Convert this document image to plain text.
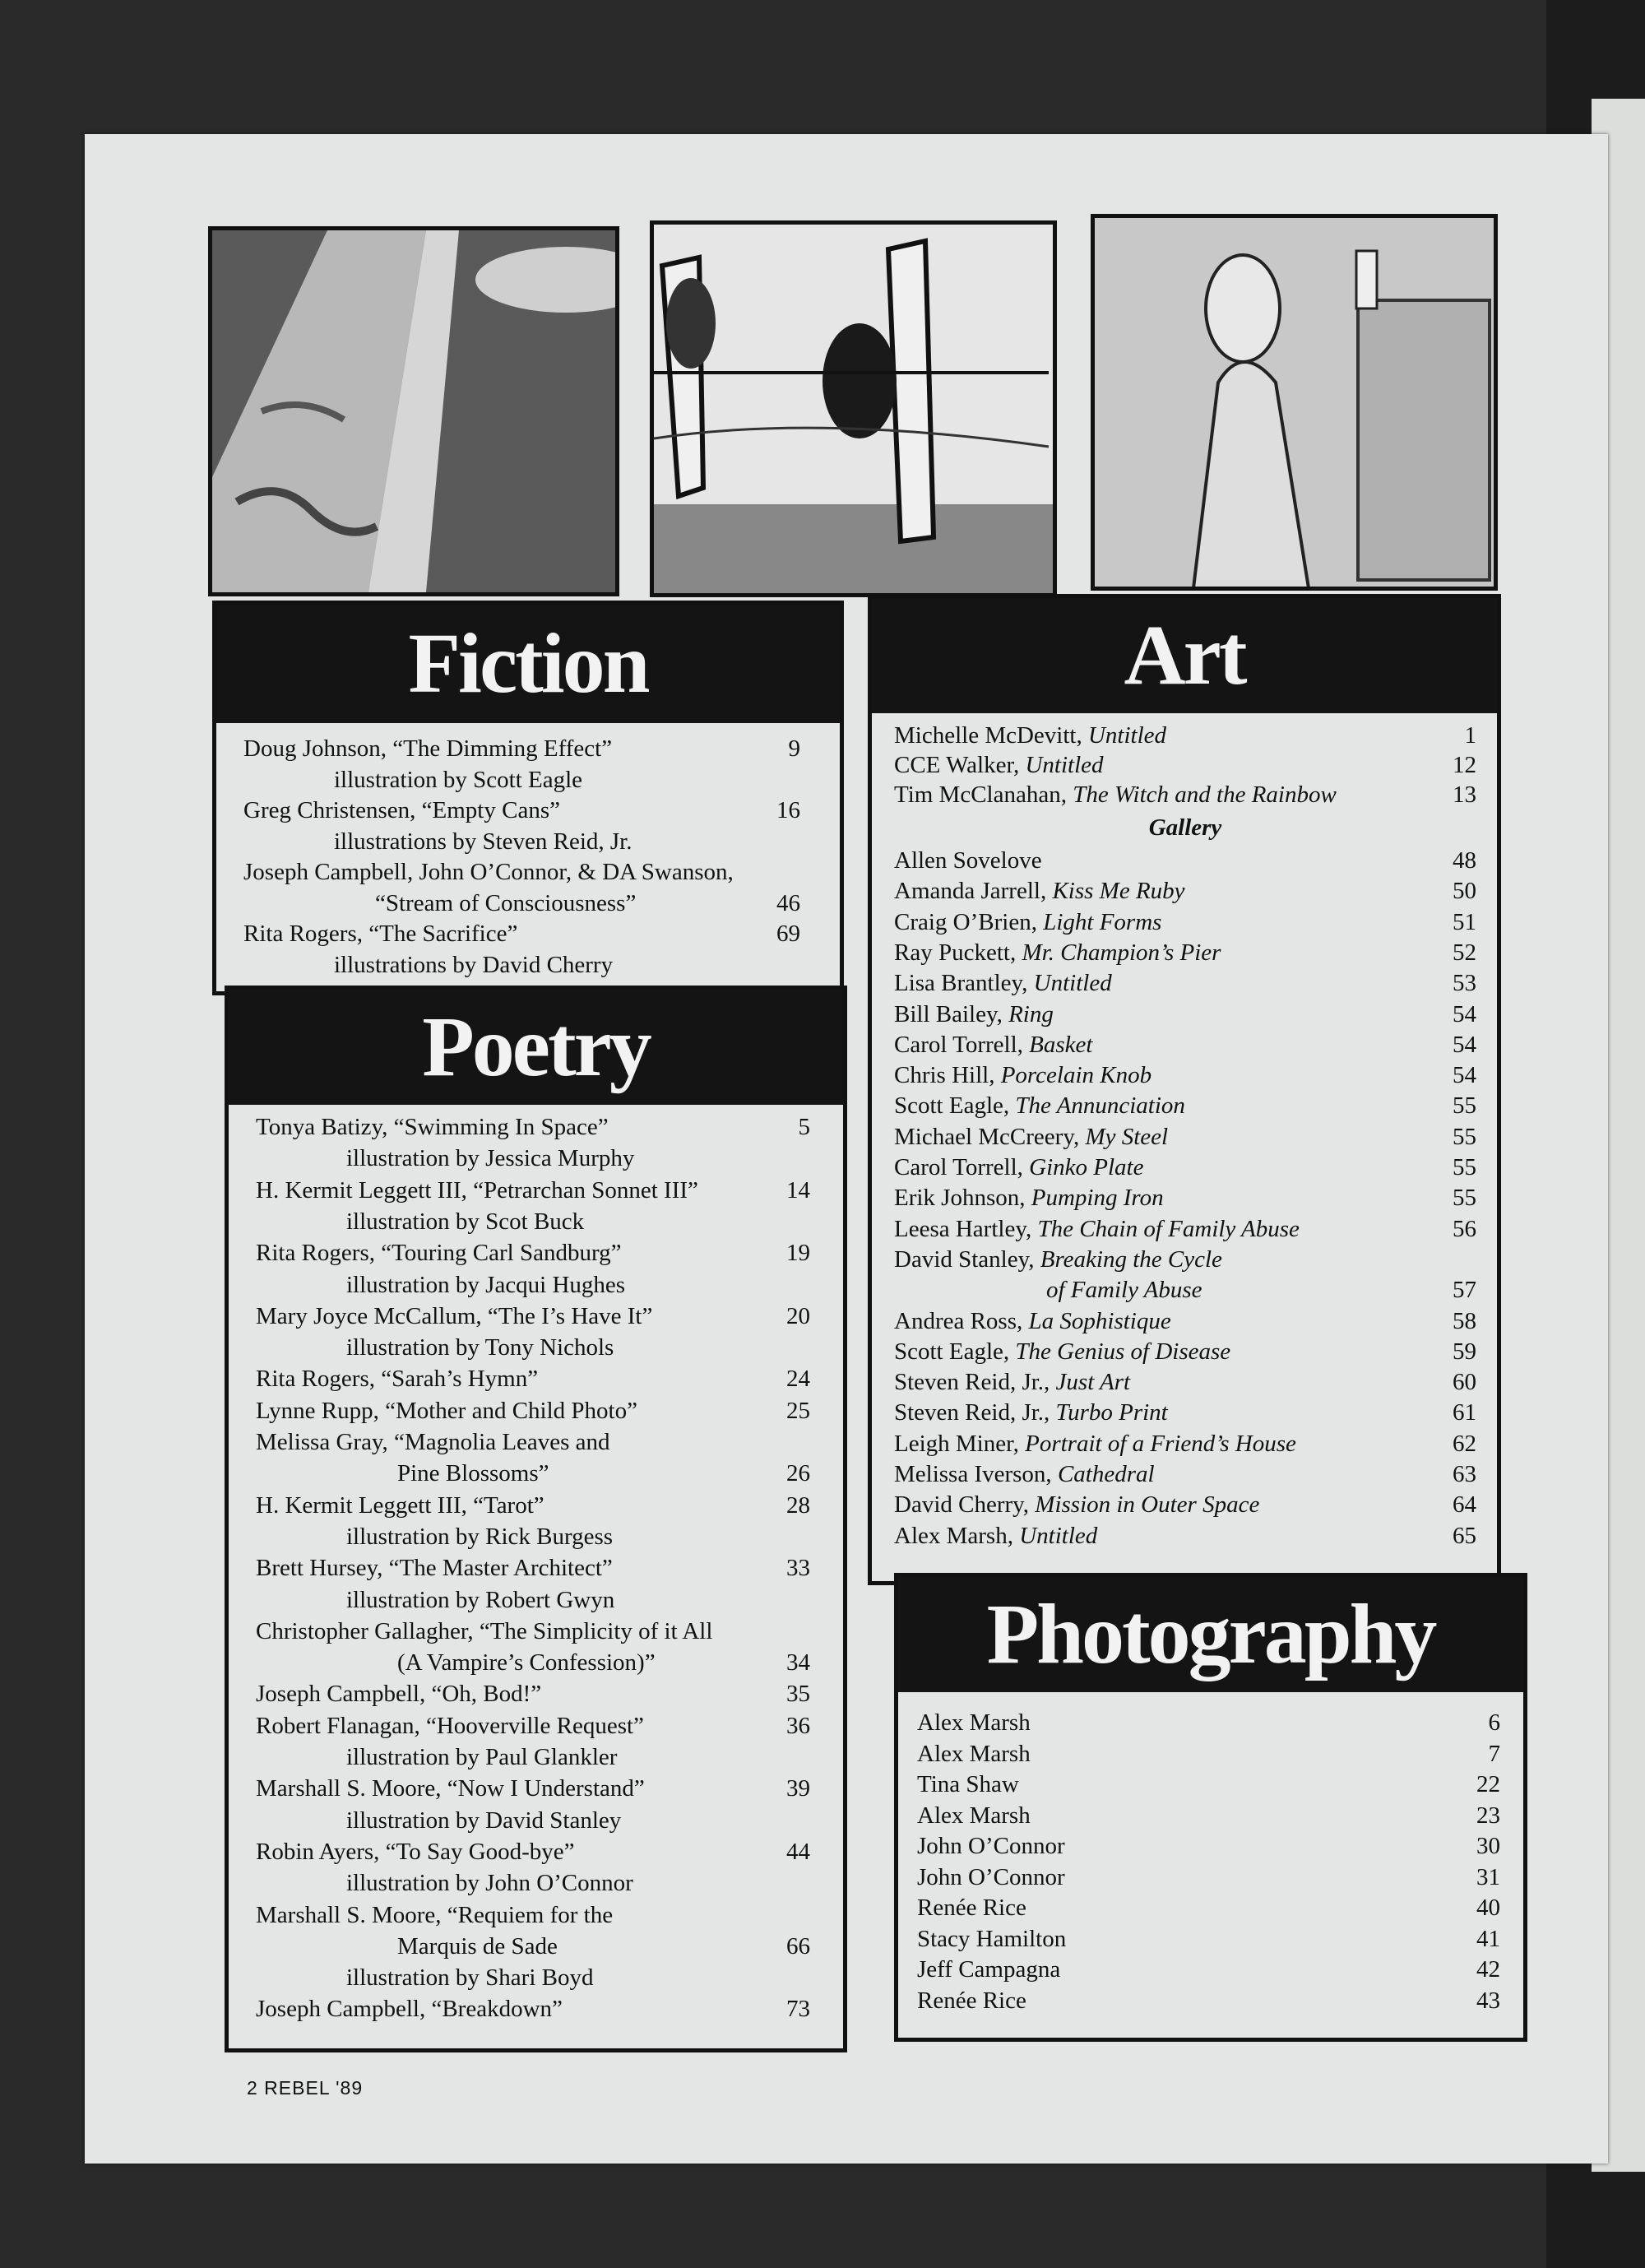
Fiction
Doug Johnson, “The Dimming Effect”	9
illustration by Scott Eagle
Greg Christensen, “Empty Cans”	16
illustrations by Steven Reid, Jr.
Joseph Campbell, John O’Connor, & DA Swanson,
“Stream of Consciousness”	46
Rita Rogers, “The Sacrifice”	69
illustrations by David Cherry
Poetry
Tonya Batizy, “Swimming In Space”	5
illustration by Jessica Murphy
H. Kermit Leggett III, “Petrarchan Sonnet III”	14
illustration by Scot Buck
Rita Rogers, “Touring Carl Sandburg”	19
illustration by Jacqui Hughes
Mary Joyce McCallum, “The I’s Have It”	20
illustration by Tony Nichols
Rita Rogers, “Sarah’s Hymn”	24
Lynne Rupp, “Mother and Child Photo”	25
Melissa Gray, “Magnolia Leaves and
Pine Blossoms”	26
H. Kermit Leggett III, “Tarot”	28
illustration by Rick Burgess
Brett Hursey, “The Master Architect”	33
illustration by Robert Gwyn
Christopher Gallagher, “The Simplicity of it All
(A Vampire’s Confession)”	34
Joseph Campbell, “Oh, Bod!”	35
Robert Flanagan, “Hooverville Request”	36
illustration by Paul Glankler
Marshall S. Moore, “Now I Understand”	39
illustration by David Stanley
Robin Ayers, “To Say Good-bye”	44
illustration by John O’Connor
Marshall S. Moore, “Requiem for the
Marquis de Sade	66
illustration by Shari Boyd
Joseph Campbell, “Breakdown”	73
Art
Michelle McDevitt, Untitled	1
CCE Walker, Untitled	12
Tim McClanahan, The Witch and the Rainbow	13
Gallery
Allen Sovelove	48
Amanda Jarrell, Kiss Me Ruby	50
Craig O’Brien, Light Forms	51
Ray Puckett, Mr. Champion’s Pier	52
Lisa Brantley, Untitled	53
Bill Bailey, Ring	54
Carol Torrell, Basket	54
Chris Hill, Porcelain Knob	54
Scott Eagle, The Annunciation	55
Michael McCreery, My Steel	55
Carol Torrell, Ginko Plate	55
Erik Johnson, Pumping Iron	55
Leesa Hartley, The Chain of Family Abuse	56
David Stanley, Breaking the Cycle
of Family Abuse	57
Andrea Ross, La Sophistique	58
Scott Eagle, The Genius of Disease	59
Steven Reid, Jr., Just Art	60
Steven Reid, Jr., Turbo Print	61
Leigh Miner, Portrait of a Friend’s House	62
Melissa Iverson, Cathedral	63
David Cherry, Mission in Outer Space	64
Alex Marsh, Untitled	65
Photography
Alex Marsh	6
Alex Marsh	7
Tina Shaw	22
Alex Marsh	23
John O’Connor	30
John O’Connor	31
Renée Rice	40
Stacy Hamilton	41
Jeff Campagna	42
Renée Rice	43
2 REBEL '89
